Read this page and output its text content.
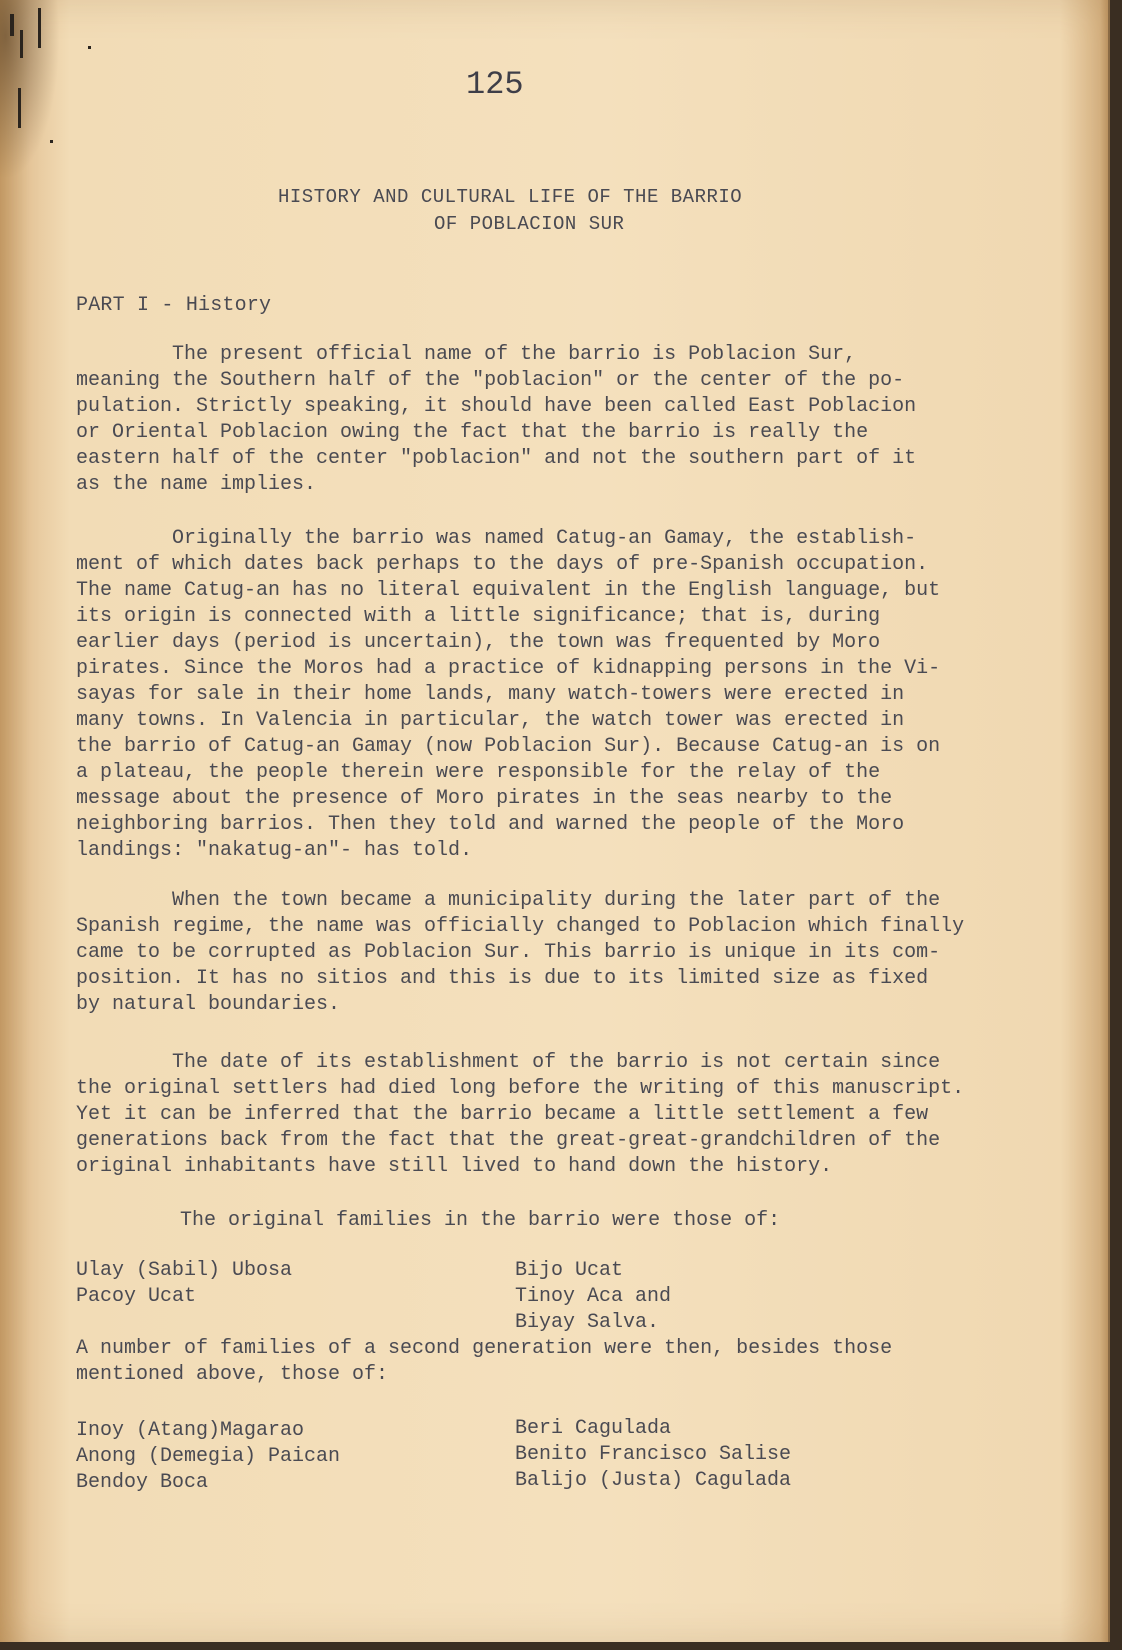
125
HISTORY AND CULTURAL LIFE OF THE BARRIO
OF POBLACION SUR
PART I - History
The present official name of the barrio is Poblacion Sur,
meaning the Southern half of the "poblacion" or the center of the po-
pulation. Strictly speaking, it should have been called East Poblacion
or Oriental Poblacion owing the fact that the barrio is really the
eastern half of the center "poblacion" and not the southern part of it
as the name implies.
Originally the barrio was named Catug-an Gamay, the establish-
ment of which dates back perhaps to the days of pre-Spanish occupation.
The name Catug-an has no literal equivalent in the English language, but
its origin is connected with a little significance; that is, during
earlier days (period is uncertain), the town was frequented by Moro
pirates. Since the Moros had a practice of kidnapping persons in the Vi-
sayas for sale in their home lands, many watch-towers were erected in
many towns. In Valencia in particular, the watch tower was erected in
the barrio of Catug-an Gamay (now Poblacion Sur). Because Catug-an is on
a plateau, the people therein were responsible for the relay of the
message about the presence of Moro pirates in the seas nearby to the
neighboring barrios. Then they told and warned the people of the Moro
landings: "nakatug-an"- has told.
When the town became a municipality during the later part of the
Spanish regime, the name was officially changed to Poblacion which finally
came to be corrupted as Poblacion Sur. This barrio is unique in its com-
position. It has no sitios and this is due to its limited size as fixed
by natural boundaries.
The date of its establishment of the barrio is not certain since
the original settlers had died long before the writing of this manuscript.
Yet it can be inferred that the barrio became a little settlement a few
generations back from the fact that the great-great-grandchildren of the
original inhabitants have still lived to hand down the history.
The original families in the barrio were those of:
Ulay (Sabil) Ubosa
Pacoy Ucat
Bijo Ucat
Tinoy Aca and
Biyay Salva.
A number of families of a second generation were then, besides those
mentioned above, those of:
Inoy (Atang)Magarao
Anong (Demegia) Paican
Bendoy Boca
Beri Cagulada
Benito Francisco Salise
Balijo (Justa) Cagulada
